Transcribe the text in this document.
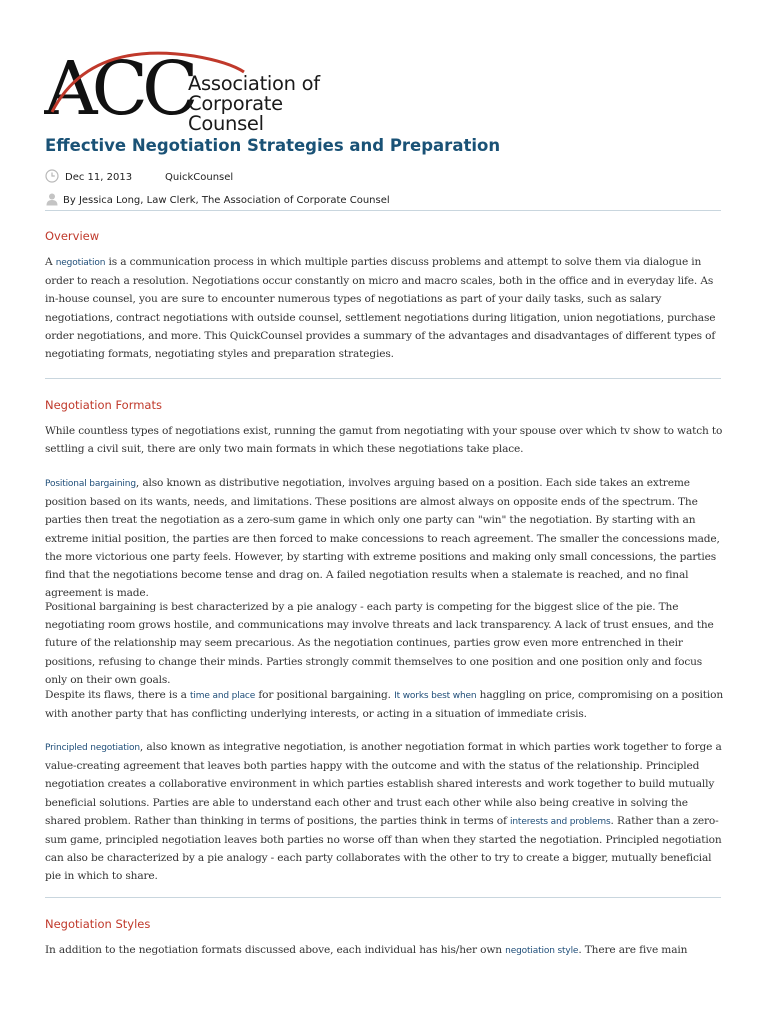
ACC
Association of
Corporate Counsel
Effective Negotiation Strategies and Preparation
Dec 11, 2013	QuickCounsel
By Jessica Long, Law Clerk, The Association of Corporate Counsel
Overview

A negotiation is a communication process in which multiple parties discuss problems and attempt to solve them via dialogue in order to reach a resolution. Negotiations occur constantly on micro and macro scales, both in the office and in everyday life. As in-house counsel, you are sure to encounter numerous types of negotiations as part of your daily tasks, such as salary negotiations, contract negotiations with outside counsel, settlement negotiations during litigation, union negotiations, purchase order negotiations, and more. This QuickCounsel provides a summary of the advantages and disadvantages of different types of negotiating formats, negotiating styles and preparation strategies.

Negotiation Formats

While countless types of negotiations exist, running the gamut from negotiating with your spouse over which tv show to watch to settling a civil suit, there are only two main formats in which these negotiations take place.

Positional bargaining, also known as distributive negotiation, involves arguing based on a position. Each side takes an extreme position based on its wants, needs, and limitations. These positions are almost always on opposite ends of the spectrum. The parties then treat the negotiation as a zero-sum game in which only one party can "win" the negotiation. By starting with an extreme initial position, the parties are then forced to make concessions to reach agreement. The smaller the concessions made, the more victorious one party feels. However, by starting with extreme positions and making only small concessions, the parties find that the negotiations become tense and drag on. A failed negotiation results when a stalemate is reached, and no final agreement is made.

Positional bargaining is best characterized by a pie analogy - each party is competing for the biggest slice of the pie. The negotiating room grows hostile, and communications may involve threats and lack transparency. A lack of trust ensues, and the future of the relationship may seem precarious. As the negotiation continues, parties grow even more entrenched in their positions, refusing to change their minds. Parties strongly commit themselves to one position and one position only and focus only on their own goals.

Despite its flaws, there is a time and place for positional bargaining. It works best when haggling on price, compromising on a position with another party that has conflicting underlying interests, or acting in a situation of immediate crisis.

Principled negotiation, also known as integrative negotiation, is another negotiation format in which parties work together to forge a value-creating agreement that leaves both parties happy with the outcome and with the status of the relationship. Principled negotiation creates a collaborative environment in which parties establish shared interests and work together to build mutually beneficial solutions. Parties are able to understand each other and trust each other while also being creative in solving the shared problem. Rather than thinking in terms of positions, the parties think in terms of interests and problems. Rather than a zero-sum game, principled negotiation leaves both parties no worse off than when they started the negotiation. Principled negotiation can also be characterized by a pie analogy - each party collaborates with the other to try to create a bigger, mutually beneficial pie in which to share.

Negotiation Styles

In addition to the negotiation formats discussed above, each individual has his/her own negotiation style. There are five main
